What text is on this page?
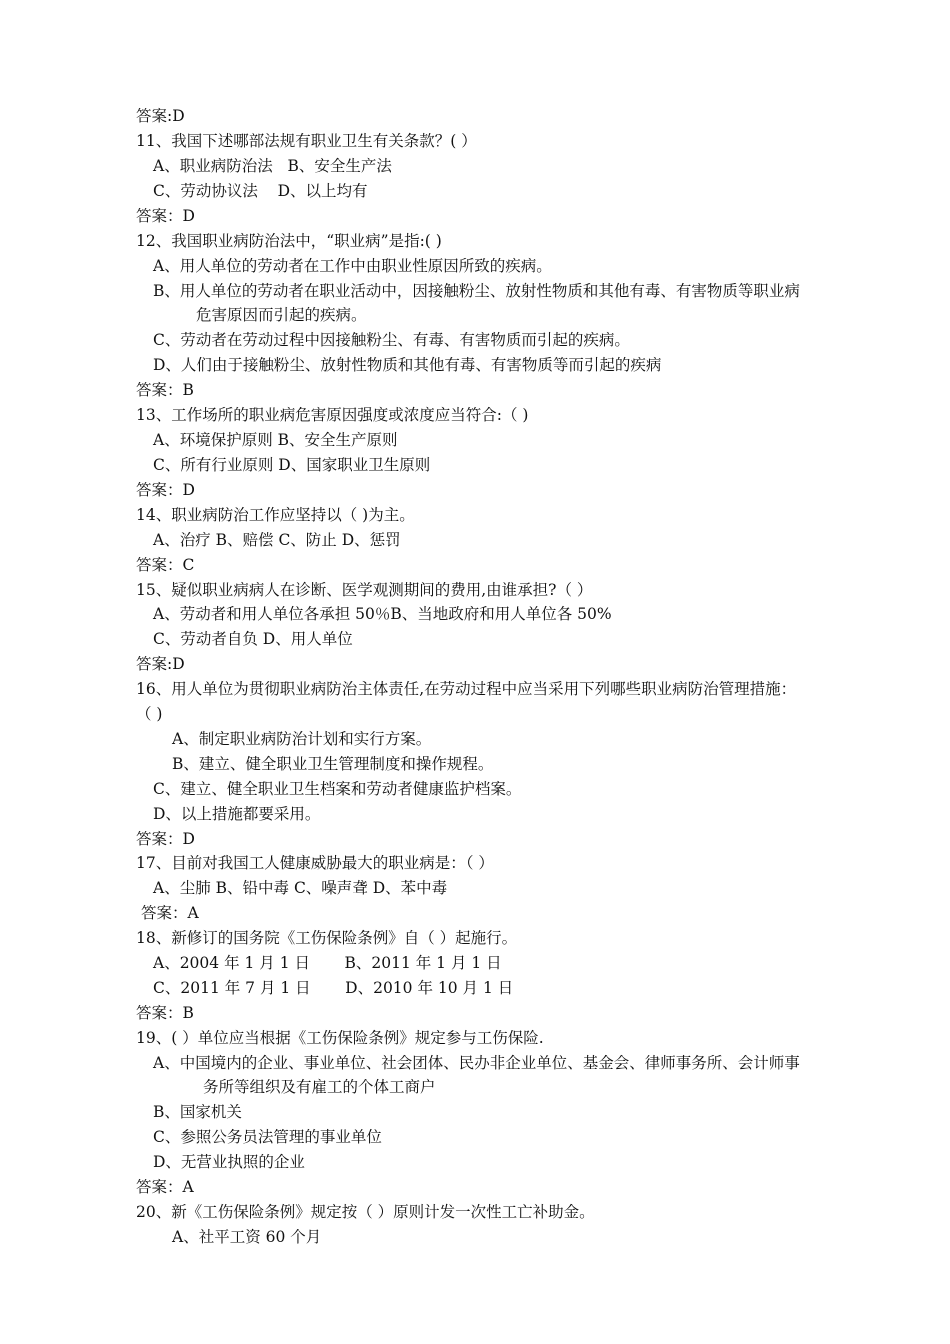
答案:D
11、我国下述哪部法规有职业卫生有关条款？( ）
A、职业病防治法   B、安全生产法
C、劳动协议法    D、以上均有
答案：D
12、我国职业病防治法中，“职业病”是指:( )
A、用人单位的劳动者在工作中由职业性原因所致的疾病。
B、用人单位的劳动者在职业活动中，因接触粉尘、放射性物质和其他有毒、有害物质等职业病
危害原因而引起的疾病。
C、劳动者在劳动过程中因接触粉尘、有毒、有害物质而引起的疾病。
D、人们由于接触粉尘、放射性物质和其他有毒、有害物质等而引起的疾病
答案：B
13、工作场所的职业病危害原因强度或浓度应当符合:（ )
A、环境保护原则 B、安全生产原则
C、所有行业原则 D、国家职业卫生原则
答案：D
14、职业病防治工作应坚持以（ )为主。
A、治疗 B、赔偿 C、防止 D、惩罚
答案：C
15、疑似职业病病人在诊断、医学观测期间的费用,由谁承担?（ ）
A、劳动者和用人单位各承担 50％B、当地政府和用人单位各 50%
C、劳动者自负 D、用人单位
答案:D
16、用人单位为贯彻职业病防治主体责任,在劳动过程中应当采用下列哪些职业病防治管理措施：
（ )
A、制定职业病防治计划和实行方案。
B、建立、健全职业卫生管理制度和操作规程。
C、建立、健全职业卫生档案和劳动者健康监护档案。
D、以上措施都要采用。
答案：D
17、目前对我国工人健康威胁最大的职业病是：（ ）
A、尘肺 B、铅中毒 C、噪声聋 D、苯中毒
答案：A
18、新修订的国务院《工伤保险条例》自（ ）起施行。
A、2004 年 1 月 1 日       B、2011 年 1 月 1 日
C、2011 年 7 月 1 日       D、2010 年 10 月 1 日
答案：B
19、( ）单位应当根据《工伤保险条例》规定参与工伤保险.
A、中国境内的企业、事业单位、社会团体、民办非企业单位、基金会、律师事务所、会计师事
务所等组织及有雇工的个体工商户
B、国家机关
C、参照公务员法管理的事业单位
D、无营业执照的企业
答案：A
20、新《工伤保险条例》规定按（ ）原则计发一次性工亡补助金。
A、社平工资 60 个月
